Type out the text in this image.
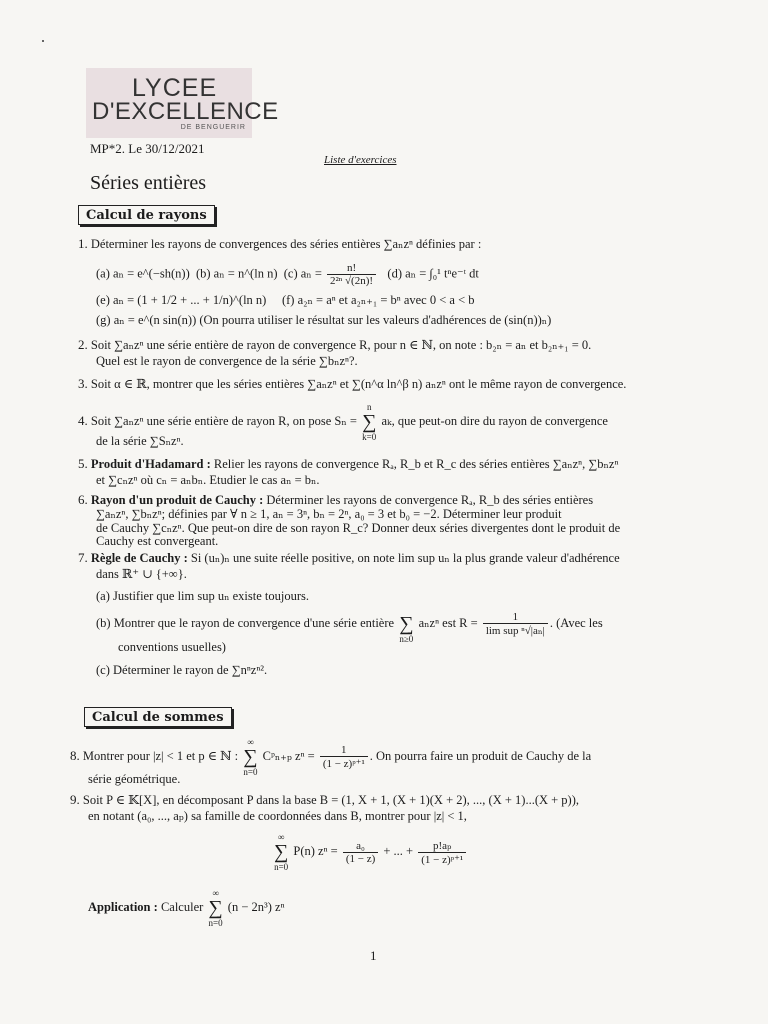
LYCEE
D'EXCELLENCE
DE BENGUERIR
MP*2. Le 30/12/2021
Liste d'exercices
Séries entières
Calcul de rayons
1. Déterminer les rayons de convergences des séries entières ∑aₙzⁿ définies par :
(a) aₙ = e^(−sh(n)) (b) aₙ = n^(ln n) (c) $a_n = \frac{n!}{\text{2²ⁿ √(2n)!}} (d) a_n = \int_0^1$ tⁿe⁻ᵗ dt
(e) aₙ = (1 + 1/2 + ... + 1/n)^(ln n) (f) a₂ₙ = aⁿ et a₂ₙ₊₁ = bⁿ avec 0 < a < b
(g) aₙ = e^(n sin(n)) (On pourra utiliser le résultat sur les valeurs d'adhérences de (sin(n))ₙ)
2. Soit ∑aₙzⁿ une série entière de rayon de convergence R, pour n ∈ ℕ, on note : b₂ₙ = aₙ et b₂ₙ₊₁ = 0.
Quel est le rayon de convergence de la série ∑bₙzⁿ?.
3. Soit α ∈ ℝ, montrer que les séries entières ∑aₙzⁿ et ∑(n^α ln^β n) aₙzⁿ ont le même rayon de convergence.
4. Soit ∑aₙzⁿ une série entière de rayon R, on pose Sₙ = n
∑
k=0 aₖ, que peut-on dire du rayon de convergence
de la série ∑Sₙzⁿ.
5. Produit d'Hadamard : Relier les rayons de convergence Rₐ, R_b et R_c des séries entières ∑aₙzⁿ, ∑bₙzⁿ
et ∑cₙzⁿ où cₙ = aₙbₙ. Etudier le cas aₙ = bₙ.
6. Rayon d'un produit de Cauchy : Déterminer les rayons de convergence Rₐ, R_b des séries entières
∑aₙzⁿ, ∑bₙzⁿ; définies par ∀ n ≥ 1, aₙ = 3ⁿ, bₙ = 2ⁿ, a₀ = 3 et b₀ = −2. Déterminer leur produit
de Cauchy ∑cₙzⁿ. Que peut-on dire de son rayon R_c? Donner deux séries divergentes dont le produit de
Cauchy est convergeant.
7. Règle de Cauchy : Si (uₙ)ₙ une suite réelle positive, on note lim sup uₙ la plus grande valeur d'adhérence
dans ℝ⁺ ∪ {+∞}.
(a) Justifier que lim sup uₙ existe toujours.
(b) Montrer que le rayon de convergence d'une série entière ∑
n≥0 aₙzⁿ est $R = \frac{1}{\text{lim sup ⁿ√|aₙ|}}$ . (Avec les
conventions usuelles)
(c) Déterminer le rayon de ∑nⁿzⁿ².
Calcul de sommes
8. Montrer pour |z| < 1 et p ∈ ℕ : ∞
∑
n=0 Cᵖₙ₊ₚ $z^n = \frac{1}{\text{(1 − z)ᵖ⁺¹}}$ . On pourra faire un produit de Cauchy de la
série géométrique.
9. Soit P ∈ 𝕂[X], en décomposant P dans la base B = (1, X + 1, (X + 1)(X + 2), ..., (X + 1)...(X + p)),
en notant (a₀, ..., aₚ) sa famille de coordonnées dans B, montrer pour |z| < 1,
∞
∑
n=0 P(n) $z^n = \frac{\text{a₀}}{(1 - z)}$ + ... + $\frac{\text{p!aₚ}}{\text{(1 − z)ᵖ⁺¹}}$
Application : Calculer ∞
∑
n=0 (n − 2n³) zⁿ
1
